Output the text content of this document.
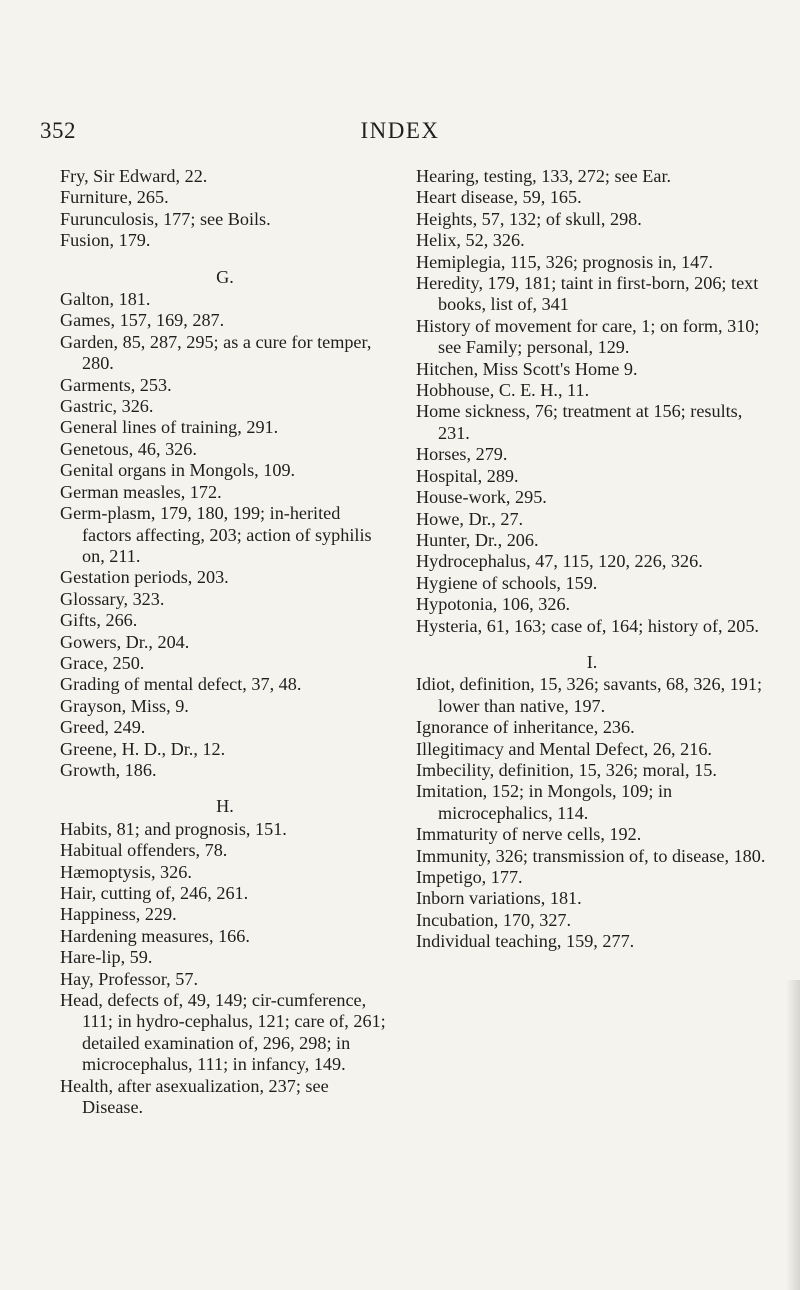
352	INDEX
Fry, Sir Edward, 22.
Furniture, 265.
Furunculosis, 177; see Boils.
Fusion, 179.
G.
Galton, 181.
Games, 157, 169, 287.
Garden, 85, 287, 295; as a cure for temper, 280.
Garments, 253.
Gastric, 326.
General lines of training, 291.
Genetous, 46, 326.
Genital organs in Mongols, 109.
German measles, 172.
Germ-plasm, 179, 180, 199; in-herited factors affecting, 203; action of syphilis on, 211.
Gestation periods, 203.
Glossary, 323.
Gifts, 266.
Gowers, Dr., 204.
Grace, 250.
Grading of mental defect, 37, 48.
Grayson, Miss, 9.
Greed, 249.
Greene, H. D., Dr., 12.
Growth, 186.
H.
Habits, 81; and prognosis, 151.
Habitual offenders, 78.
Hæmoptysis, 326.
Hair, cutting of, 246, 261.
Happiness, 229.
Hardening measures, 166.
Hare-lip, 59.
Hay, Professor, 57.
Head, defects of, 49, 149; cir-cumference, 111; in hydro-cephalus, 121; care of, 261; detailed examination of, 296, 298; in microcephalus, 111; in infancy, 149.
Health, after asexualization, 237; see Disease.
Hearing, testing, 133, 272; see Ear.
Heart disease, 59, 165.
Heights, 57, 132; of skull, 298.
Helix, 52, 326.
Hemiplegia, 115, 326; prognosis in, 147.
Heredity, 179, 181; taint in first-born, 206; text books, list of, 341
History of movement for care, 1; on form, 310; see Family; personal, 129.
Hitchen, Miss Scott's Home 9.
Hobhouse, C. E. H., 11.
Home sickness, 76; treatment at 156; results, 231.
Horses, 279.
Hospital, 289.
House-work, 295.
Howe, Dr., 27.
Hunter, Dr., 206.
Hydrocephalus, 47, 115, 120, 226, 326.
Hygiene of schools, 159.
Hypotonia, 106, 326.
Hysteria, 61, 163; case of, 164; history of, 205.
I.
Idiot, definition, 15, 326; savants, 68, 326, 191; lower than native, 197.
Ignorance of inheritance, 236.
Illegitimacy and Mental Defect, 26, 216.
Imbecility, definition, 15, 326; moral, 15.
Imitation, 152; in Mongols, 109; in microcephalics, 114.
Immaturity of nerve cells, 192.
Immunity, 326; transmission of, to disease, 180.
Impetigo, 177.
Inborn variations, 181.
Incubation, 170, 327.
Individual teaching, 159, 277.
